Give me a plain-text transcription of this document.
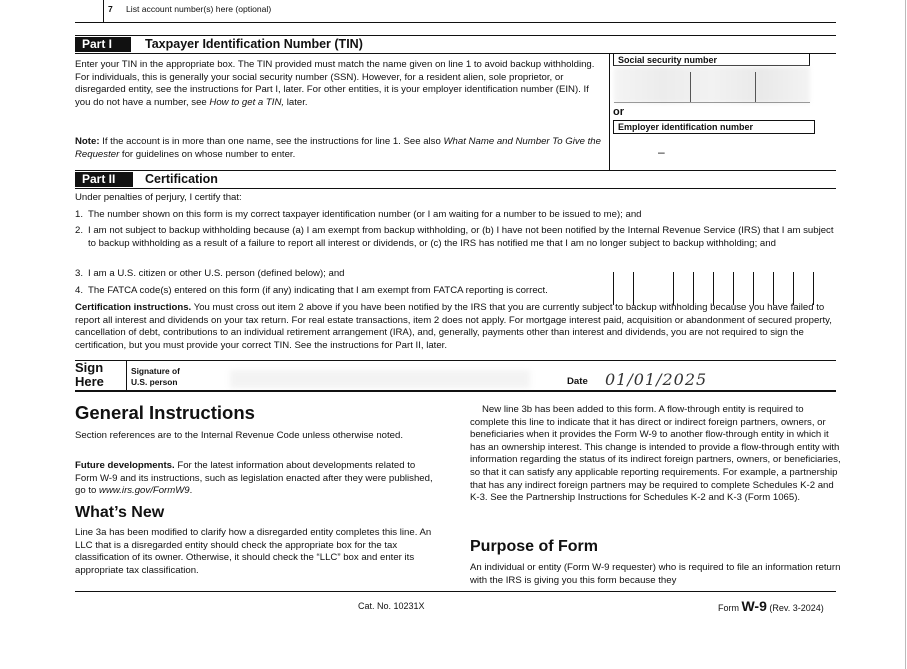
7 List account number(s) here (optional)
Part I	Taxpayer Identification Number (TIN)
Enter your TIN in the appropriate box. The TIN provided must match the name given on line 1 to avoid backup withholding. For individuals, this is generally your social security number (SSN). However, for a resident alien, sole proprietor, or disregarded entity, see the instructions for Part I, later. For other entities, it is your employer identification number (EIN). If you do not have a number, see How to get a TIN, later.
Note: If the account is in more than one name, see the instructions for line 1. See also What Name and Number To Give the Requester for guidelines on whose number to enter.
Social security number
or
Employer identification number
–
Part II	Certification
Under penalties of perjury, I certify that:
1. The number shown on this form is my correct taxpayer identification number (or I am waiting for a number to be issued to me); and
2. I am not subject to backup withholding because (a) I am exempt from backup withholding, or (b) I have not been notified by the Internal Revenue Service (IRS) that I am subject to backup withholding as a result of a failure to report all interest or dividends, or (c) the IRS has notified me that I am no longer subject to backup withholding; and
3. I am a U.S. citizen or other U.S. person (defined below); and
4. The FATCA code(s) entered on this form (if any) indicating that I am exempt from FATCA reporting is correct.
Certification instructions. You must cross out item 2 above if you have been notified by the IRS that you are currently subject to backup withholding because you have failed to report all interest and dividends on your tax return. For real estate transactions, item 2 does not apply. For mortgage interest paid, acquisition or abandonment of secured property, cancellation of debt, contributions to an individual retirement arrangement (IRA), and, generally, payments other than interest and dividends, you are not required to sign the certification, but you must provide your correct TIN. See the instructions for Part II, later.
Sign
Here
Signature of
U.S. person	Date 01/01/2025
General Instructions
Section references are to the Internal Revenue Code unless otherwise noted.
Future developments. For the latest information about developments related to Form W-9 and its instructions, such as legislation enacted after they were published, go to www.irs.gov/FormW9.
What’s New
Line 3a has been modified to clarify how a disregarded entity completes this line. An LLC that is a disregarded entity should check the appropriate box for the tax classification of its owner. Otherwise, it should check the “LLC” box and enter its appropriate tax classification.
New line 3b has been added to this form. A flow-through entity is required to complete this line to indicate that it has direct or indirect foreign partners, owners, or beneficiaries when it provides the Form W-9 to another flow-through entity in which it has an ownership interest. This change is intended to provide a flow-through entity with information regarding the status of its indirect foreign partners, owners, or beneficiaries, so that it can satisfy any applicable reporting requirements. For example, a partnership that has any indirect foreign partners may be required to complete Schedules K-2 and K-3. See the Partnership Instructions for Schedules K-2 and K-3 (Form 1065).
Purpose of Form
An individual or entity (Form W-9 requester) who is required to file an information return with the IRS is giving you this form because they
Cat. No. 10231X	Form W-9 (Rev. 3-2024)
